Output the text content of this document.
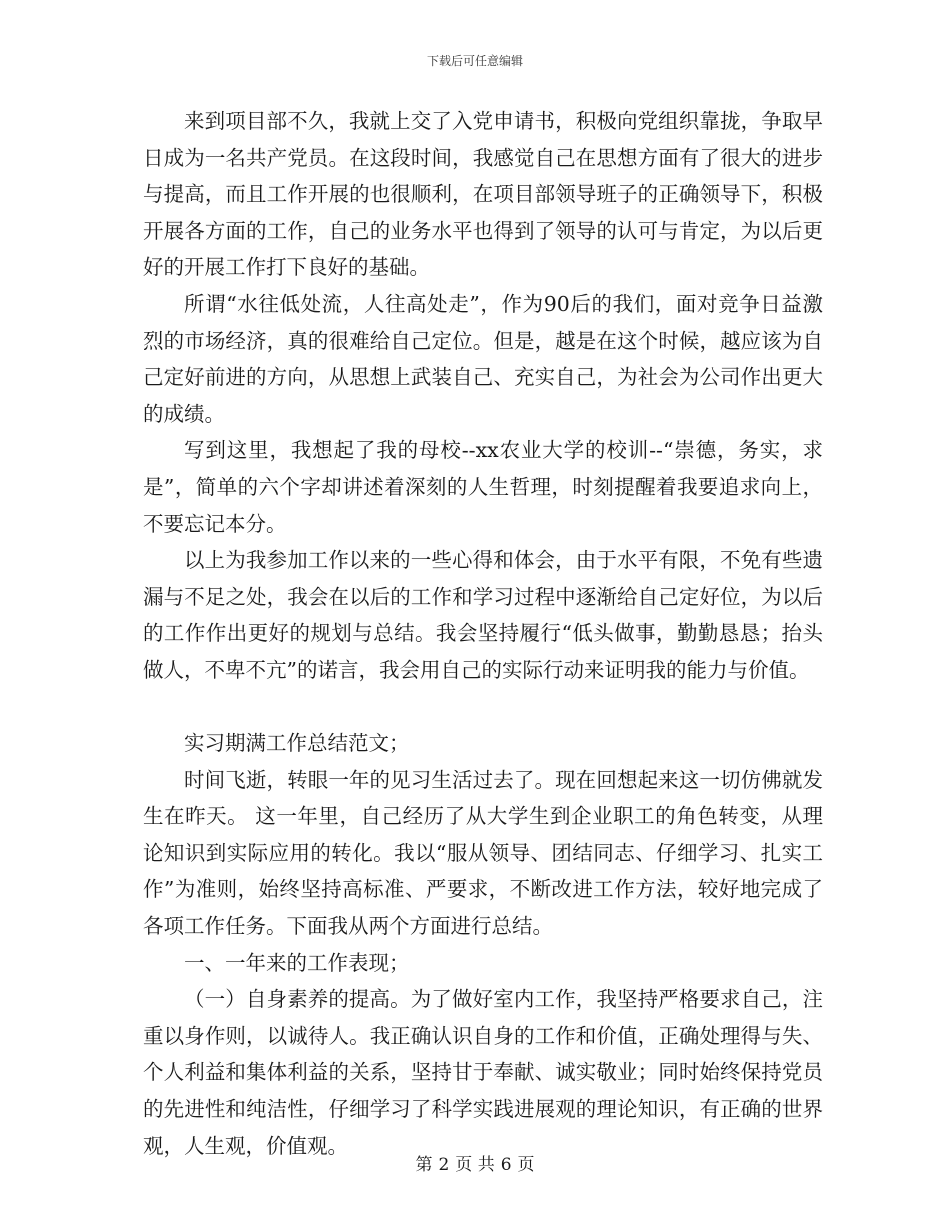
下载后可任意编辑

来到项目部不久，我就上交了入党申请书，积极向党组织靠拢，争取早日成为一名共产党员。在这段时间，我感觉自己在思想方面有了很大的进步与提高，而且工作开展的也很顺利，在项目部领导班子的正确领导下，积极开展各方面的工作，自己的业务水平也得到了领导的认可与肯定，为以后更好的开展工作打下良好的基础。

所谓“水往低处流，人往高处走”，作为90后的我们，面对竞争日益激烈的市场经济，真的很难给自己定位。但是，越是在这个时候，越应该为自己定好前进的方向，从思想上武装自己、充实自己，为社会为公司作出更大的成绩。

写到这里，我想起了我的母校--xx农业大学的校训--“崇德，务实，求是”，简单的六个字却讲述着深刻的人生哲理，时刻提醒着我要追求向上，不要忘记本分。

以上为我参加工作以来的一些心得和体会，由于水平有限，不免有些遗漏与不足之处，我会在以后的工作和学习过程中逐渐给自己定好位，为以后的工作作出更好的规划与总结。我会坚持履行“低头做事，勤勤恳恳；抬头做人，不卑不亢”的诺言，我会用自己的实际行动来证明我的能力与价值。

实习期满工作总结范文；

时间飞逝，转眼一年的见习生活过去了。现在回想起来这一切仿佛就发生在昨天。 这一年里，自己经历了从大学生到企业职工的角色转变，从理论知识到实际应用的转化。我以“服从领导、团结同志、仔细学习、扎实工作”为准则，始终坚持高标准、严要求，不断改进工作方法，较好地完成了各项工作任务。下面我从两个方面进行总结。

一、一年来的工作表现；

（一）自身素养的提高。为了做好室内工作，我坚持严格要求自己，注重以身作则，以诚待人。我正确认识自身的工作和价值，正确处理得与失、个人利益和集体利益的关系，坚持甘于奉献、诚实敬业；同时始终保持党员的先进性和纯洁性，仔细学习了科学实践进展观的理论知识，有正确的世界观，人生观，价值观。

第 2 页 共 6 页
